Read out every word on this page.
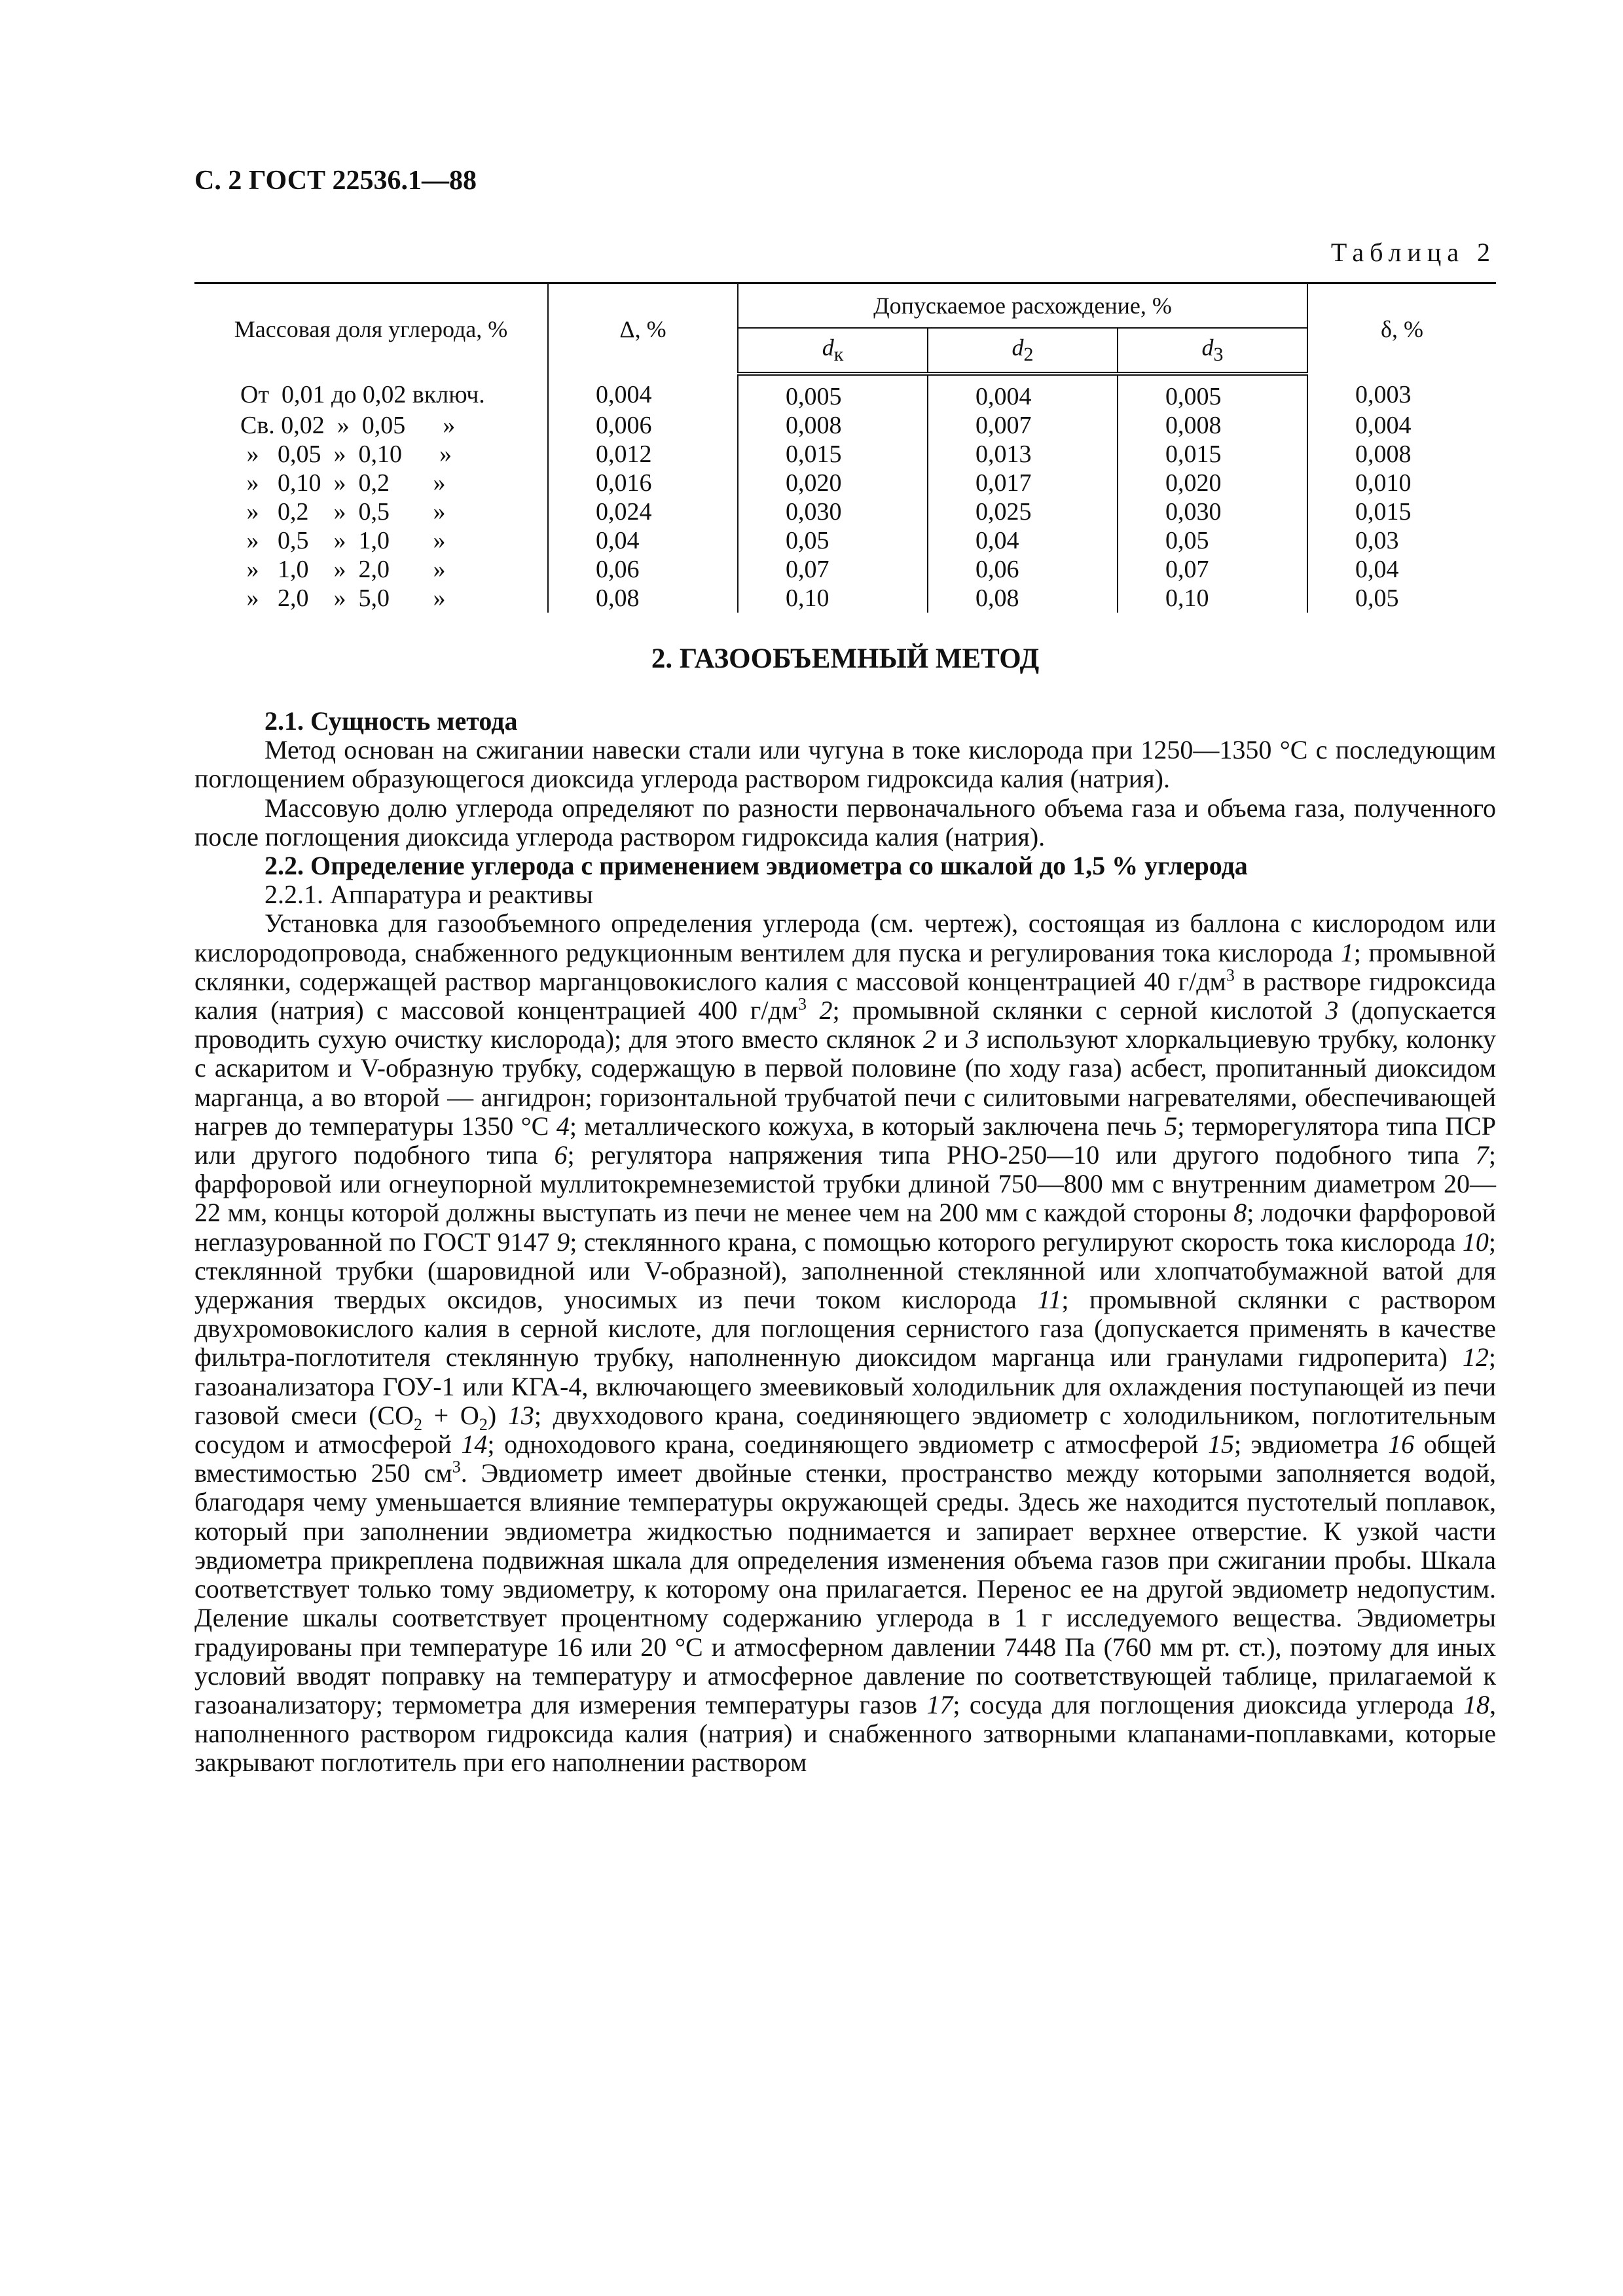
С. 2 ГОСТ 22536.1—88
Таблица 2
Массовая доля углерода, %	Δ, %	Допускаемое расхождение, %			δ, %
		$d_к$	$d_2$	$d_3$
От  0,01 до 0,02 включ.	0,004	0,005	0,004	0,005	0,003
Св. 0,02  »  0,05      »	0,006	0,008	0,007	0,008	0,004
»   0,05  »  0,10      »	0,012	0,015	0,013	0,015	0,008
»   0,10  »  0,2       »	0,016	0,020	0,017	0,020	0,010
»   0,2    »  0,5       »	0,024	0,030	0,025	0,030	0,015
»   0,5    »  1,0       »	0,04	0,05	0,04	0,05	0,03
»   1,0    »  2,0       »	0,06	0,07	0,06	0,07	0,04
»   2,0    »  5,0       »	0,08	0,10	0,08	0,10	0,05
2. ГАЗООБЪЕМНЫЙ МЕТОД

2.1. Сущность метода

Метод основан на сжигании навески стали или чугуна в токе кислорода при 1250—1350 °С с последующим поглощением образующегося диоксида углерода раствором гидроксида калия (натрия).

Массовую долю углерода определяют по разности первоначального объема газа и объема газа, полученного после поглощения диоксида углерода раствором гидроксида калия (натрия).

2.2. Определение углерода с применением эвдиометра со шкалой до 1,5 % углерода

2.2.1. Аппаратура и реактивы

Установка для газообъемного определения углерода (см. чертеж), состоящая из баллона с кислородом или кислородопровода, снабженного редукционным вентилем для пуска и регулирования тока кислорода 1; промывной склянки, содержащей раствор марганцовокислого калия с массовой концентрацией 40 $г/дм^3$ в растворе гидроксида калия (натрия) с массовой концентрацией 400 $г/дм^3$ 2; промывной склянки с серной кислотой 3 (допускается проводить сухую очистку кислорода); для этого вместо склянок 2 и 3 используют хлоркальциевую трубку, колонку с аскаритом и V-образную трубку, содержащую в первой половине (по ходу газа) асбест, пропитанный диоксидом марганца, а во второй — ангидрон; горизонтальной трубчатой печи с силитовыми нагревателями, обеспечивающей нагрев до температуры 1350 °С 4; металлического кожуха, в который заключена печь 5; терморегулятора типа ПСР или другого подобного типа 6; регулятора напряжения типа РНО-250—10 или другого подобного типа 7; фарфоровой или огнеупорной муллитокремнеземистой трубки длиной 750—800 мм с внутренним диаметром 20—22 мм, концы которой должны выступать из печи не менее чем на 200 мм с каждой стороны 8; лодочки фарфоровой неглазурованной по ГОСТ 9147 9; стеклянного крана, с помощью которого регулируют скорость тока кислорода 10; стеклянной трубки (шаровидной или V-образной), заполненной стеклянной или хлопчатобумажной ватой для удержания твердых оксидов, уносимых из печи током кислорода 11; промывной склянки с раствором двухромовокислого калия в серной кислоте, для поглощения сернистого газа (допускается применять в качестве фильтра-поглотителя стеклянную трубку, наполненную диоксидом марганца или гранулами гидроперита) 12; газоанализатора ГОУ-1 или КГА-4, включающего змеевиковый холодильник для охлаждения поступающей из печи газовой смеси $(СО_2 + О_2)$ 13; двухходового крана, соединяющего эвдиометр с холодильником, поглотительным сосудом и атмосферой 14; одноходового крана, соединяющего эвдиометр с атмосферой 15; эвдиометра 16 общей вместимостью 250 $см^3$. Эвдиометр имеет двойные стенки, пространство между которыми заполняется водой, благодаря чему уменьшается влияние температуры окружающей среды. Здесь же находится пустотелый поплавок, который при заполнении эвдиометра жидкостью поднимается и запирает верхнее отверстие. К узкой части эвдиометра прикреплена подвижная шкала для определения изменения объема газов при сжигании пробы. Шкала соответствует только тому эвдиометру, к которому она прилагается. Перенос ее на другой эвдиометр недопустим. Деление шкалы соответствует процентному содержанию углерода в 1 г исследуемого вещества. Эвдиометры градуированы при температуре 16 или 20 °С и атмосферном давлении 7448 Па (760 мм рт. ст.), поэтому для иных условий вводят поправку на температуру и атмосферное давление по соответствующей таблице, прилагаемой к газоанализатору; термометра для измерения температуры газов 17; сосуда для поглощения диоксида углерода 18, наполненного раствором гидроксида калия (натрия) и снабженного затворными клапанами-поплавками, которые закрывают поглотитель при его наполнении раствором
